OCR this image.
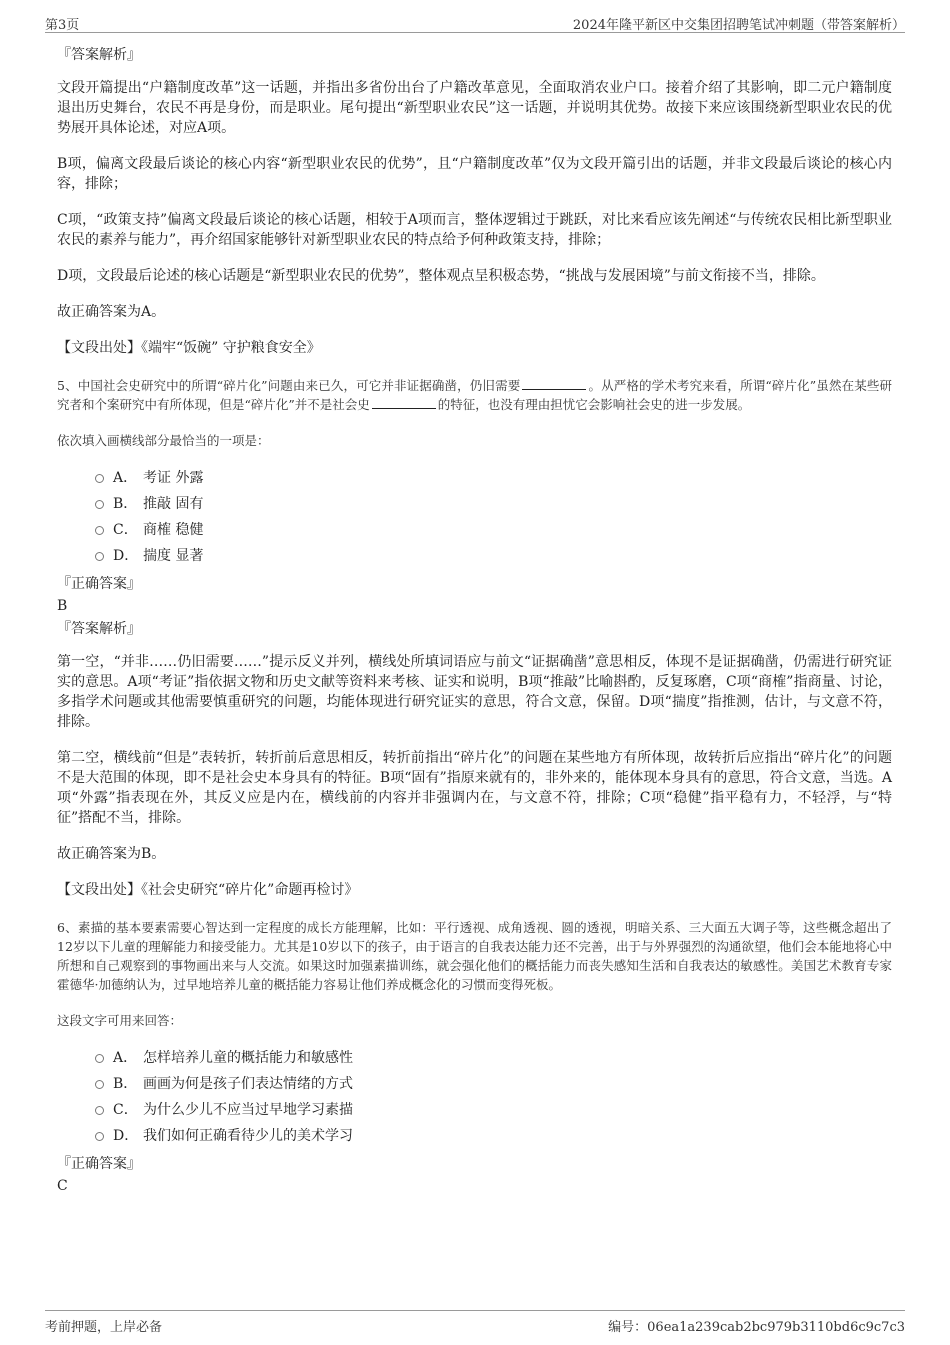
第3页	2024年隆平新区中交集团招聘笔试冲刺题（带答案解析）

『答案解析』

文段开篇提出“户籍制度改革”这一话题，并指出多省份出台了户籍改革意见，全面取消农业户口。接着介绍了其影响，即二元户籍制度退出历史舞台，农民不再是身份，而是职业。尾句提出“新型职业农民”这一话题，并说明其优势。故接下来应该围绕新型职业农民的优势展开具体论述，对应A项。

B项，偏离文段最后谈论的核心内容“新型职业农民的优势”，且“户籍制度改革”仅为文段开篇引出的话题，并非文段最后谈论的核心内容，排除；

C项，“政策支持”偏离文段最后谈论的核心话题，相较于A项而言，整体逻辑过于跳跃，对比来看应该先阐述“与传统农民相比新型职业农民的素养与能力”，再介绍国家能够针对新型职业农民的特点给予何种政策支持，排除；

D项，文段最后论述的核心话题是“新型职业农民的优势”，整体观点呈积极态势，“挑战与发展困境”与前文衔接不当，排除。

故正确答案为A。

【文段出处】《端牢“饭碗” 守护粮食安全》

5、中国社会史研究中的所谓“碎片化”问题由来已久，可它并非证据确凿，仍旧需要	。从严格的学术考究来看，所谓“碎片化”虽然在某些研究者和个案研究中有所体现，但是“碎片化”并不是社会史	的特征，也没有理由担忧它会影响社会史的进一步发展。

依次填入画横线部分最恰当的一项是：

A． 考证 外露
B． 推敲 固有
C． 商榷 稳健
D． 揣度 显著

『正确答案』

B

『答案解析』

第一空，“并非……仍旧需要……”提示反义并列，横线处所填词语应与前文“证据确凿”意思相反，体现不是证据确凿，仍需进行研究证实的意思。A项“考证”指依据文物和历史文献等资料来考核、证实和说明，B项“推敲”比喻斟酌，反复琢磨，C项“商榷”指商量、讨论，多指学术问题或其他需要慎重研究的问题，均能体现进行研究证实的意思，符合文意，保留。D项“揣度”指推测，估计，与文意不符，排除。

第二空，横线前“但是”表转折，转折前后意思相反，转折前指出“碎片化”的问题在某些地方有所体现，故转折后应指出“碎片化”的问题不是大范围的体现，即不是社会史本身具有的特征。B项“固有”指原来就有的，非外来的，能体现本身具有的意思，符合文意，当选。A项“外露”指表现在外，其反义应是内在，横线前的内容并非强调内在，与文意不符，排除；C项“稳健”指平稳有力，不轻浮，与“特征”搭配不当，排除。

故正确答案为B。

【文段出处】《社会史研究“碎片化”命题再检讨》

6、素描的基本要素需要心智达到一定程度的成长方能理解，比如：平行透视、成角透视、圆的透视，明暗关系、三大面五大调子等，这些概念超出了12岁以下儿童的理解能力和接受能力。尤其是10岁以下的孩子，由于语言的自我表达能力还不完善，出于与外界强烈的沟通欲望，他们会本能地将心中所想和自己观察到的事物画出来与人交流。如果这时加强素描训练，就会强化他们的概括能力而丧失感知生活和自我表达的敏感性。美国艺术教育专家霍德华·加德纳认为，过早地培养儿童的概括能力容易让他们养成概念化的习惯而变得死板。

这段文字可用来回答：

A． 怎样培养儿童的概括能力和敏感性
B． 画画为何是孩子们表达情绪的方式
C． 为什么少儿不应当过早地学习素描
D． 我们如何正确看待少儿的美术学习

『正确答案』

C

考前押题，上岸必备	编号：06ea1a239cab2bc979b3110bd6c9c7c3
